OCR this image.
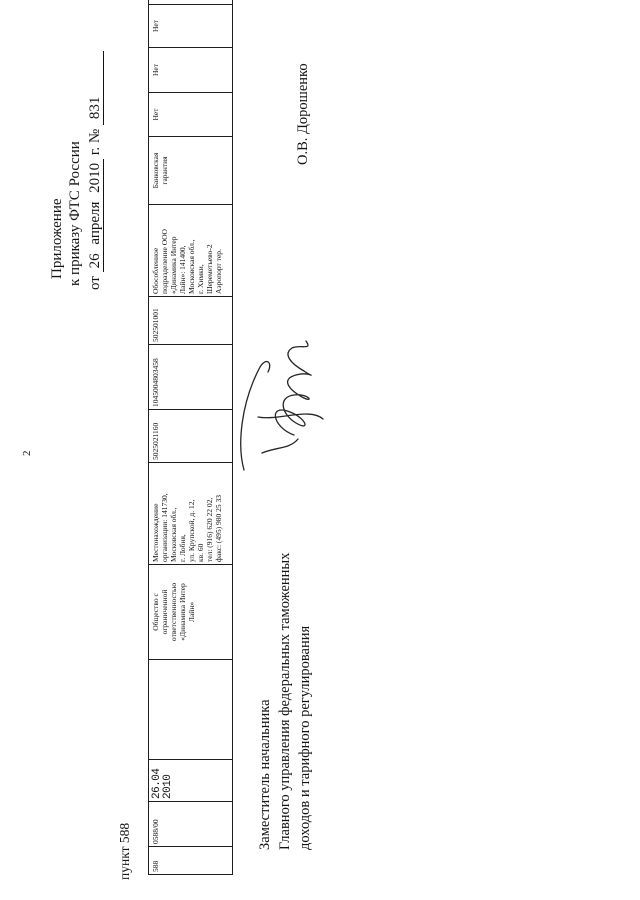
2
Приложение к приказу ФТС России от 26 апреля 2010 г. № 831
пункт 588	588	0588/00	26.04
2010		Общество с
ограниченной
ответственностью
«Динамика Интер
Лайн»	Местонахождение
организации: 141730,
Московская обл.,
г. Лобня,
ул. Крупской, д. 12,
кв. 60
тел: (916) 620 22 02,
факс: (495) 980 25 33	5025021160	1045004803458	502501001	Обособленное
подразделение ООО
«Динамика Интер
Лайн»: 141400,
Московская обл.,
г. Химки,
Шереметьево-2
Аэропорт тер.	Банковская
гарантия	Нет	Нет	Нет	
Заместитель начальника Главного управления федеральных таможенных доходов и тарифного регулирования
О.В. Дорошенко
